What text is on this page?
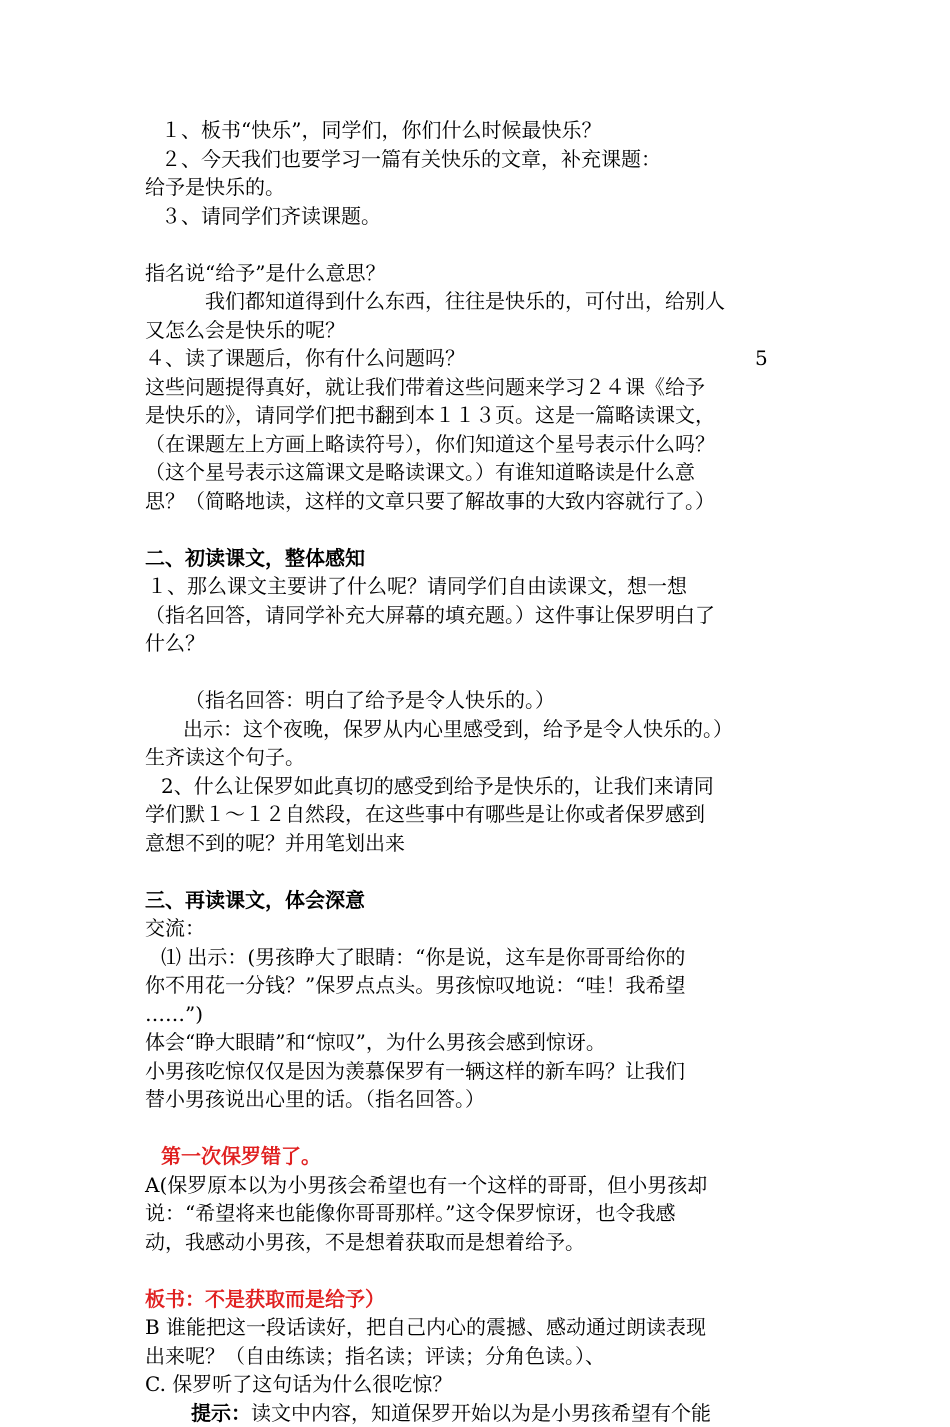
１、板书“快乐”，同学们，你们什么时候最快乐？
２、今天我们也要学习一篇有关快乐的文章，补充课题：
给予是快乐的。
３、请同学们齐读课题。
指名说“给予”是什么意思？
我们都知道得到什么东西，往往是快乐的，可付出，给别人
又怎么会是快乐的呢？
４、读了课题后，你有什么问题吗？	5
这些问题提得真好，就让我们带着这些问题来学习２４课《给予
是快乐的》，请同学们把书翻到本１１３页。这是一篇略读课文，
（在课题左上方画上略读符号），你们知道这个星号表示什么吗？
（这个星号表示这篇课文是略读课文。）有谁知道略读是什么意
思？（简略地读，这样的文章只要了解故事的大致内容就行了。）
二、初读课文，整体感知
１、那么课文主要讲了什么呢？请同学们自由读课文，想一想
（指名回答，请同学补充大屏幕的填充题。）这件事让保罗明白了
什么？
（指名回答：明白了给予是令人快乐的。）
出示：这个夜晚，保罗从内心里感受到，给予是令人快乐的。）
生齐读这个句子。
2、什么让保罗如此真切的感受到给予是快乐的，让我们来请同
学们默１～１２自然段，在这些事中有哪些是让你或者保罗感到
意想不到的呢？并用笔划出来
三、再读课文，体会深意
交流：
⑴ 出示：(男孩睁大了眼睛：“你是说，这车是你哥哥给你的
你不用花一分钱？”保罗点点头。男孩惊叹地说：“哇！我希望
……”)
体会“睁大眼睛”和“惊叹”，为什么男孩会感到惊讶。
小男孩吃惊仅仅是因为羡慕保罗有一辆这样的新车吗？让我们
替小男孩说出心里的话。（指名回答。）
第一次保罗错了。
A(保罗原本以为小男孩会希望也有一个这样的哥哥，但小男孩却
说：“希望将来也能像你哥哥那样。”这令保罗惊讶，也令我感
动，我感动小男孩，不是想着获取而是想着给予。
板书：不是获取而是给予）
B 谁能把这一段话读好，把自己内心的震撼、感动通过朗读表现
出来呢？（自由练读；指名读；评读；分角色读。）、
C. 保罗听了这句话为什么很吃惊？
提示：读文中内容，知道保罗开始以为是小男孩希望有个能
